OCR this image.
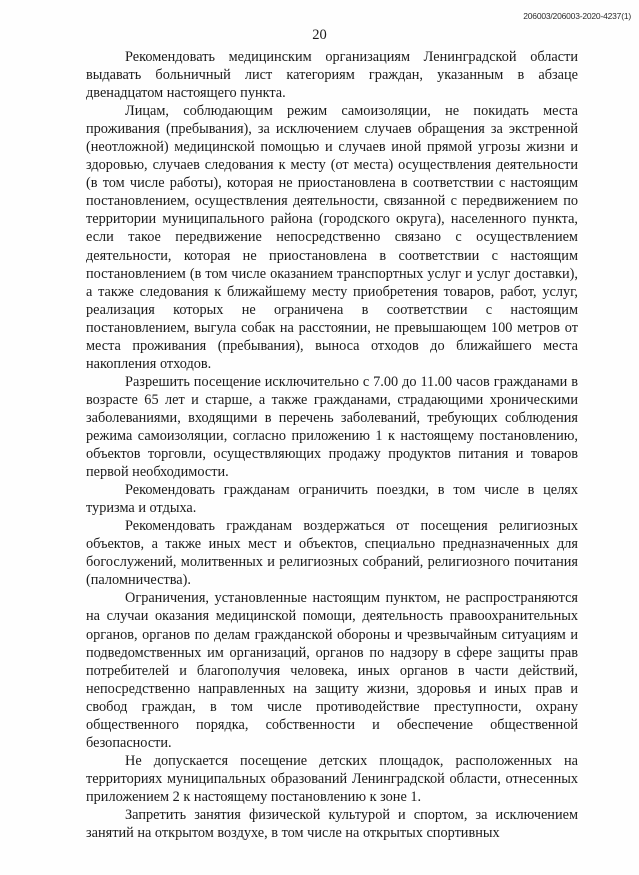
206003/206003-2020-4237(1)
20

Рекомендовать медицинским организациям Ленинградской области выдавать больничный лист категориям граждан, указанным в абзаце двенадцатом настоящего пункта.

Лицам, соблюдающим режим самоизоляции, не покидать места проживания (пребывания), за исключением случаев обращения за экстренной (неотложной) медицинской помощью и случаев иной прямой угрозы жизни и здоровью, случаев следования к месту (от места) осуществления деятельности (в том числе работы), которая не приостановлена в соответствии с настоящим постановлением, осуществления деятельности, связанной с передвижением по территории муниципального района (городского округа), населенного пункта, если такое передвижение непосредственно связано с осуществлением деятельности, которая не приостановлена в соответствии с настоящим постановлением (в том числе оказанием транспортных услуг и услуг доставки), а также следования к ближайшему месту приобретения товаров, работ, услуг, реализация которых не ограничена в соответствии с настоящим постановлением, выгула собак на расстоянии, не превышающем 100 метров от места проживания (пребывания), выноса отходов до ближайшего места накопления отходов.

Разрешить посещение исключительно с 7.00 до 11.00 часов гражданами в возрасте 65 лет и старше, а также гражданами, страдающими хроническими заболеваниями, входящими в перечень заболеваний, требующих соблюдения режима самоизоляции, согласно приложению 1 к настоящему постановлению, объектов торговли, осуществляющих продажу продуктов питания и товаров первой необходимости.

Рекомендовать гражданам ограничить поездки, в том числе в целях туризма и отдыха.

Рекомендовать гражданам воздержаться от посещения религиозных объектов, а также иных мест и объектов, специально предназначенных для богослужений, молитвенных и религиозных собраний, религиозного почитания (паломничества).

Ограничения, установленные настоящим пунктом, не распространяются на случаи оказания медицинской помощи, деятельность правоохранительных органов, органов по делам гражданской обороны и чрезвычайным ситуациям и подведомственных им организаций, органов по надзору в сфере защиты прав потребителей и благополучия человека, иных органов в части действий, непосредственно направленных на защиту жизни, здоровья и иных прав и свобод граждан, в том числе противодействие преступности, охрану общественного порядка, собственности и обеспечение общественной безопасности.

Не допускается посещение детских площадок, расположенных на территориях муниципальных образований Ленинградской области, отнесенных приложением 2 к настоящему постановлению к зоне 1.

Запретить занятия физической культурой и спортом, за исключением занятий на открытом воздухе, в том числе на открытых спортивных
